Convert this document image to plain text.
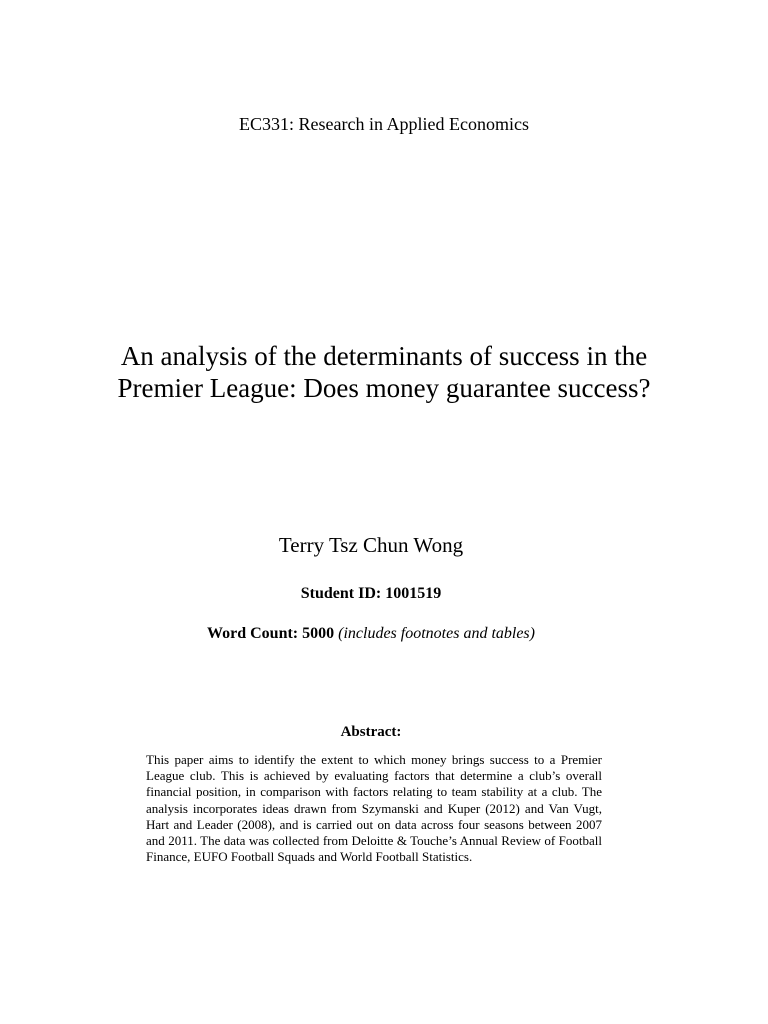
EC331: Research in Applied Economics
An analysis of the determinants of success in the Premier League: Does money guarantee success?
Terry Tsz Chun Wong
Student ID: 1001519
Word Count: 5000 (includes footnotes and tables)
Abstract:
This paper aims to identify the extent to which money brings success to a Premier League club. This is achieved by evaluating factors that determine a club’s overall financial position, in comparison with factors relating to team stability at a club. The analysis incorporates ideas drawn from Szymanski and Kuper (2012) and Van Vugt, Hart and Leader (2008), and is carried out on data across four seasons between 2007 and 2011. The data was collected from Deloitte & Touche’s Annual Review of Football Finance, EUFO Football Squads and World Football Statistics.
